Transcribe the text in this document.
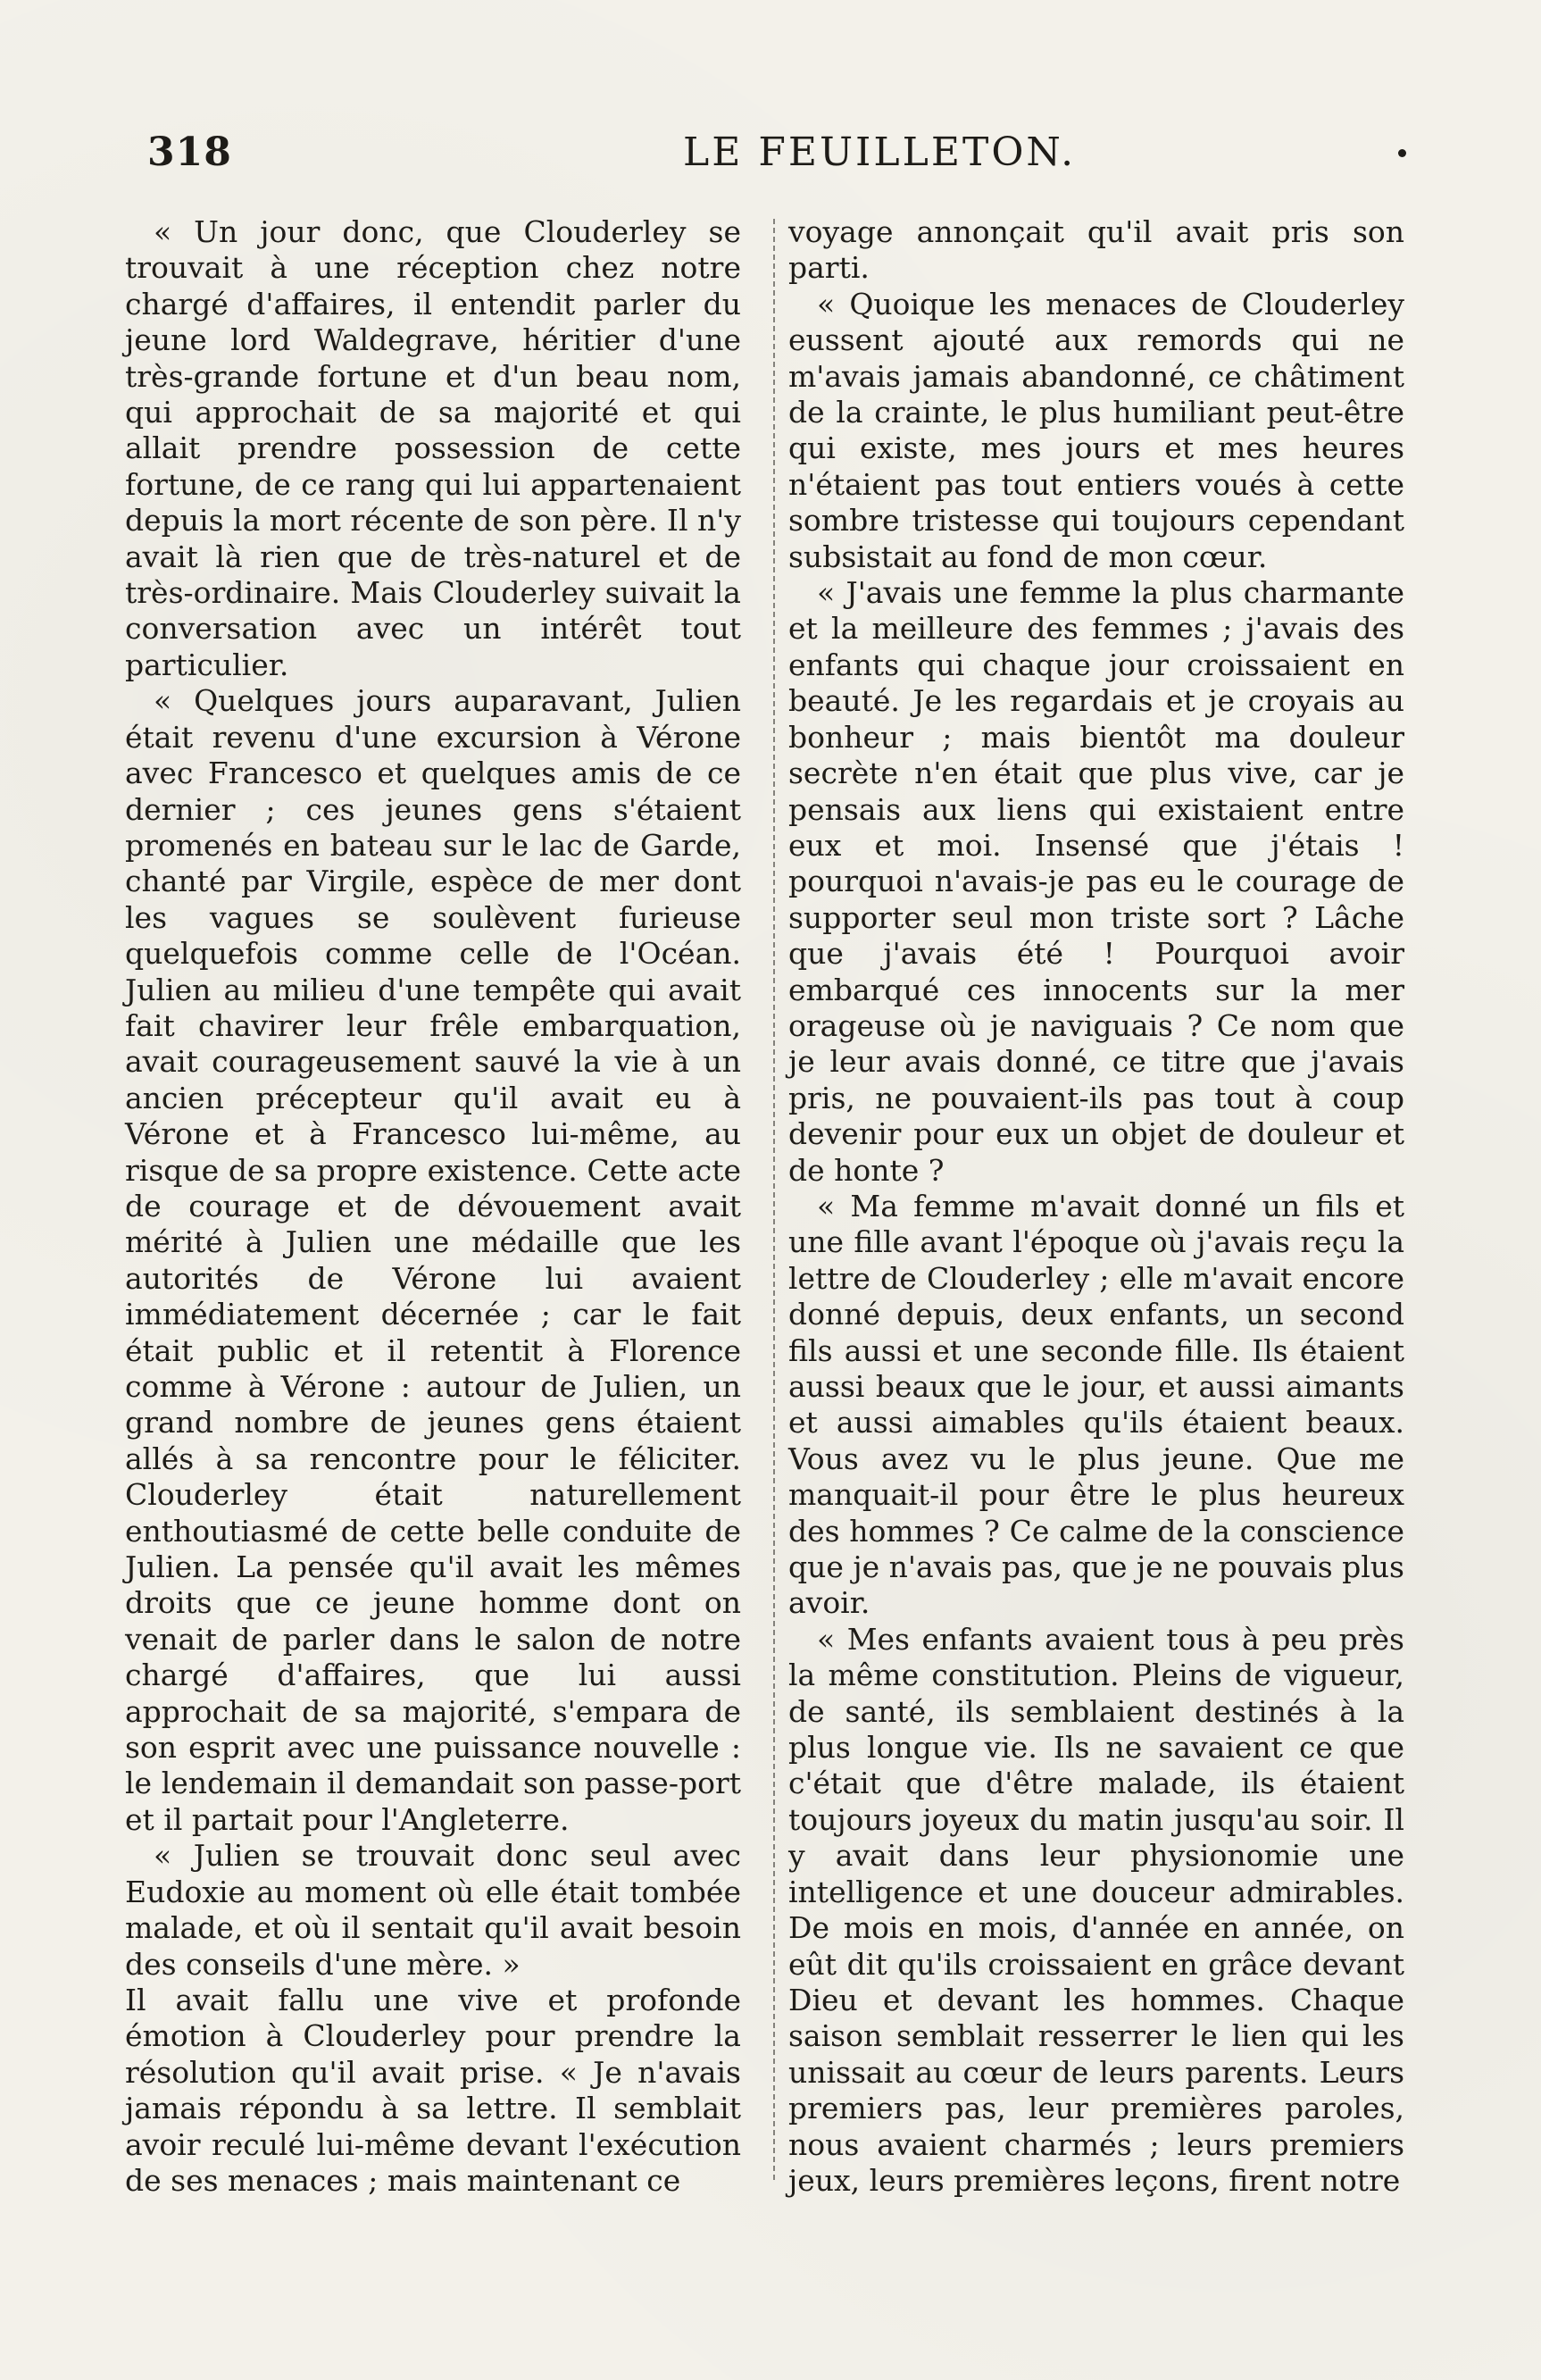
318	LE FEUILLETON.

« Un jour donc, que Clouderley se trouvait à une réception chez notre chargé d'affaires, il entendit parler du jeune lord Waldegrave, héritier d'une très-grande fortune et d'un beau nom, qui approchait de sa majorité et qui allait prendre possession de cette fortune, de ce rang qui lui appartenaient depuis la mort récente de son père. Il n'y avait là rien que de très-naturel et de très-ordinaire. Mais Clouderley suivait la conversation avec un intérêt tout particulier.

« Quelques jours auparavant, Julien était revenu d'une excursion à Vérone avec Francesco et quelques amis de ce dernier ; ces jeunes gens s'étaient promenés en bateau sur le lac de Garde, chanté par Virgile, espèce de mer dont les vagues se soulèvent furieuse quelquefois comme celle de l'Océan. Julien au milieu d'une tempête qui avait fait chavirer leur frêle embarquation, avait courageusement sauvé la vie à un ancien précepteur qu'il avait eu à Vérone et à Francesco lui-même, au risque de sa propre existence. Cette acte de courage et de dévouement avait mérité à Julien une médaille que les autorités de Vérone lui avaient immédiatement décernée ; car le fait était public et il retentit à Florence comme à Vérone : autour de Julien, un grand nombre de jeunes gens étaient allés à sa rencontre pour le féliciter. Clouderley était naturellement enthoutiasmé de cette belle conduite de Julien. La pensée qu'il avait les mêmes droits que ce jeune homme dont on venait de parler dans le salon de notre chargé d'affaires, que lui aussi approchait de sa majorité, s'empara de son esprit avec une puissance nouvelle : le lendemain il demandait son passe-port et il partait pour l'Angleterre.

« Julien se trouvait donc seul avec Eudoxie au moment où elle était tombée malade, et où il sentait qu'il avait besoin des conseils d'une mère. »

Il avait fallu une vive et profonde émotion à Clouderley pour prendre la résolution qu'il avait prise. « Je n'avais jamais répondu à sa lettre. Il semblait avoir reculé lui-même devant l'exécution de ses menaces ; mais maintenant ce

voyage annonçait qu'il avait pris son parti.

« Quoique les menaces de Clouderley eussent ajouté aux remords qui ne m'avais jamais abandonné, ce châtiment de la crainte, le plus humiliant peut-être qui existe, mes jours et mes heures n'étaient pas tout entiers voués à cette sombre tristesse qui toujours cependant subsistait au fond de mon cœur.

« J'avais une femme la plus charmante et la meilleure des femmes ; j'avais des enfants qui chaque jour croissaient en beauté. Je les regardais et je croyais au bonheur ; mais bientôt ma douleur secrète n'en était que plus vive, car je pensais aux liens qui existaient entre eux et moi. Insensé que j'étais ! pourquoi n'avais-je pas eu le courage de supporter seul mon triste sort ? Lâche que j'avais été ! Pourquoi avoir embarqué ces innocents sur la mer orageuse où je naviguais ? Ce nom que je leur avais donné, ce titre que j'avais pris, ne pouvaient-ils pas tout à coup devenir pour eux un objet de douleur et de honte ?

« Ma femme m'avait donné un fils et une fille avant l'époque où j'avais reçu la lettre de Clouderley ; elle m'avait encore donné depuis, deux enfants, un second fils aussi et une seconde fille. Ils étaient aussi beaux que le jour, et aussi aimants et aussi aimables qu'ils étaient beaux. Vous avez vu le plus jeune. Que me manquait-il pour être le plus heureux des hommes ? Ce calme de la conscience que je n'avais pas, que je ne pouvais plus avoir.

« Mes enfants avaient tous à peu près la même constitution. Pleins de vigueur, de santé, ils semblaient destinés à la plus longue vie. Ils ne savaient ce que c'était que d'être malade, ils étaient toujours joyeux du matin jusqu'au soir. Il y avait dans leur physionomie une intelligence et une douceur admirables. De mois en mois, d'année en année, on eût dit qu'ils croissaient en grâce devant Dieu et devant les hommes. Chaque saison semblait resserrer le lien qui les unissait au cœur de leurs parents. Leurs premiers pas, leur premières paroles, nous avaient charmés ; leurs premiers jeux, leurs premières leçons, firent notre
